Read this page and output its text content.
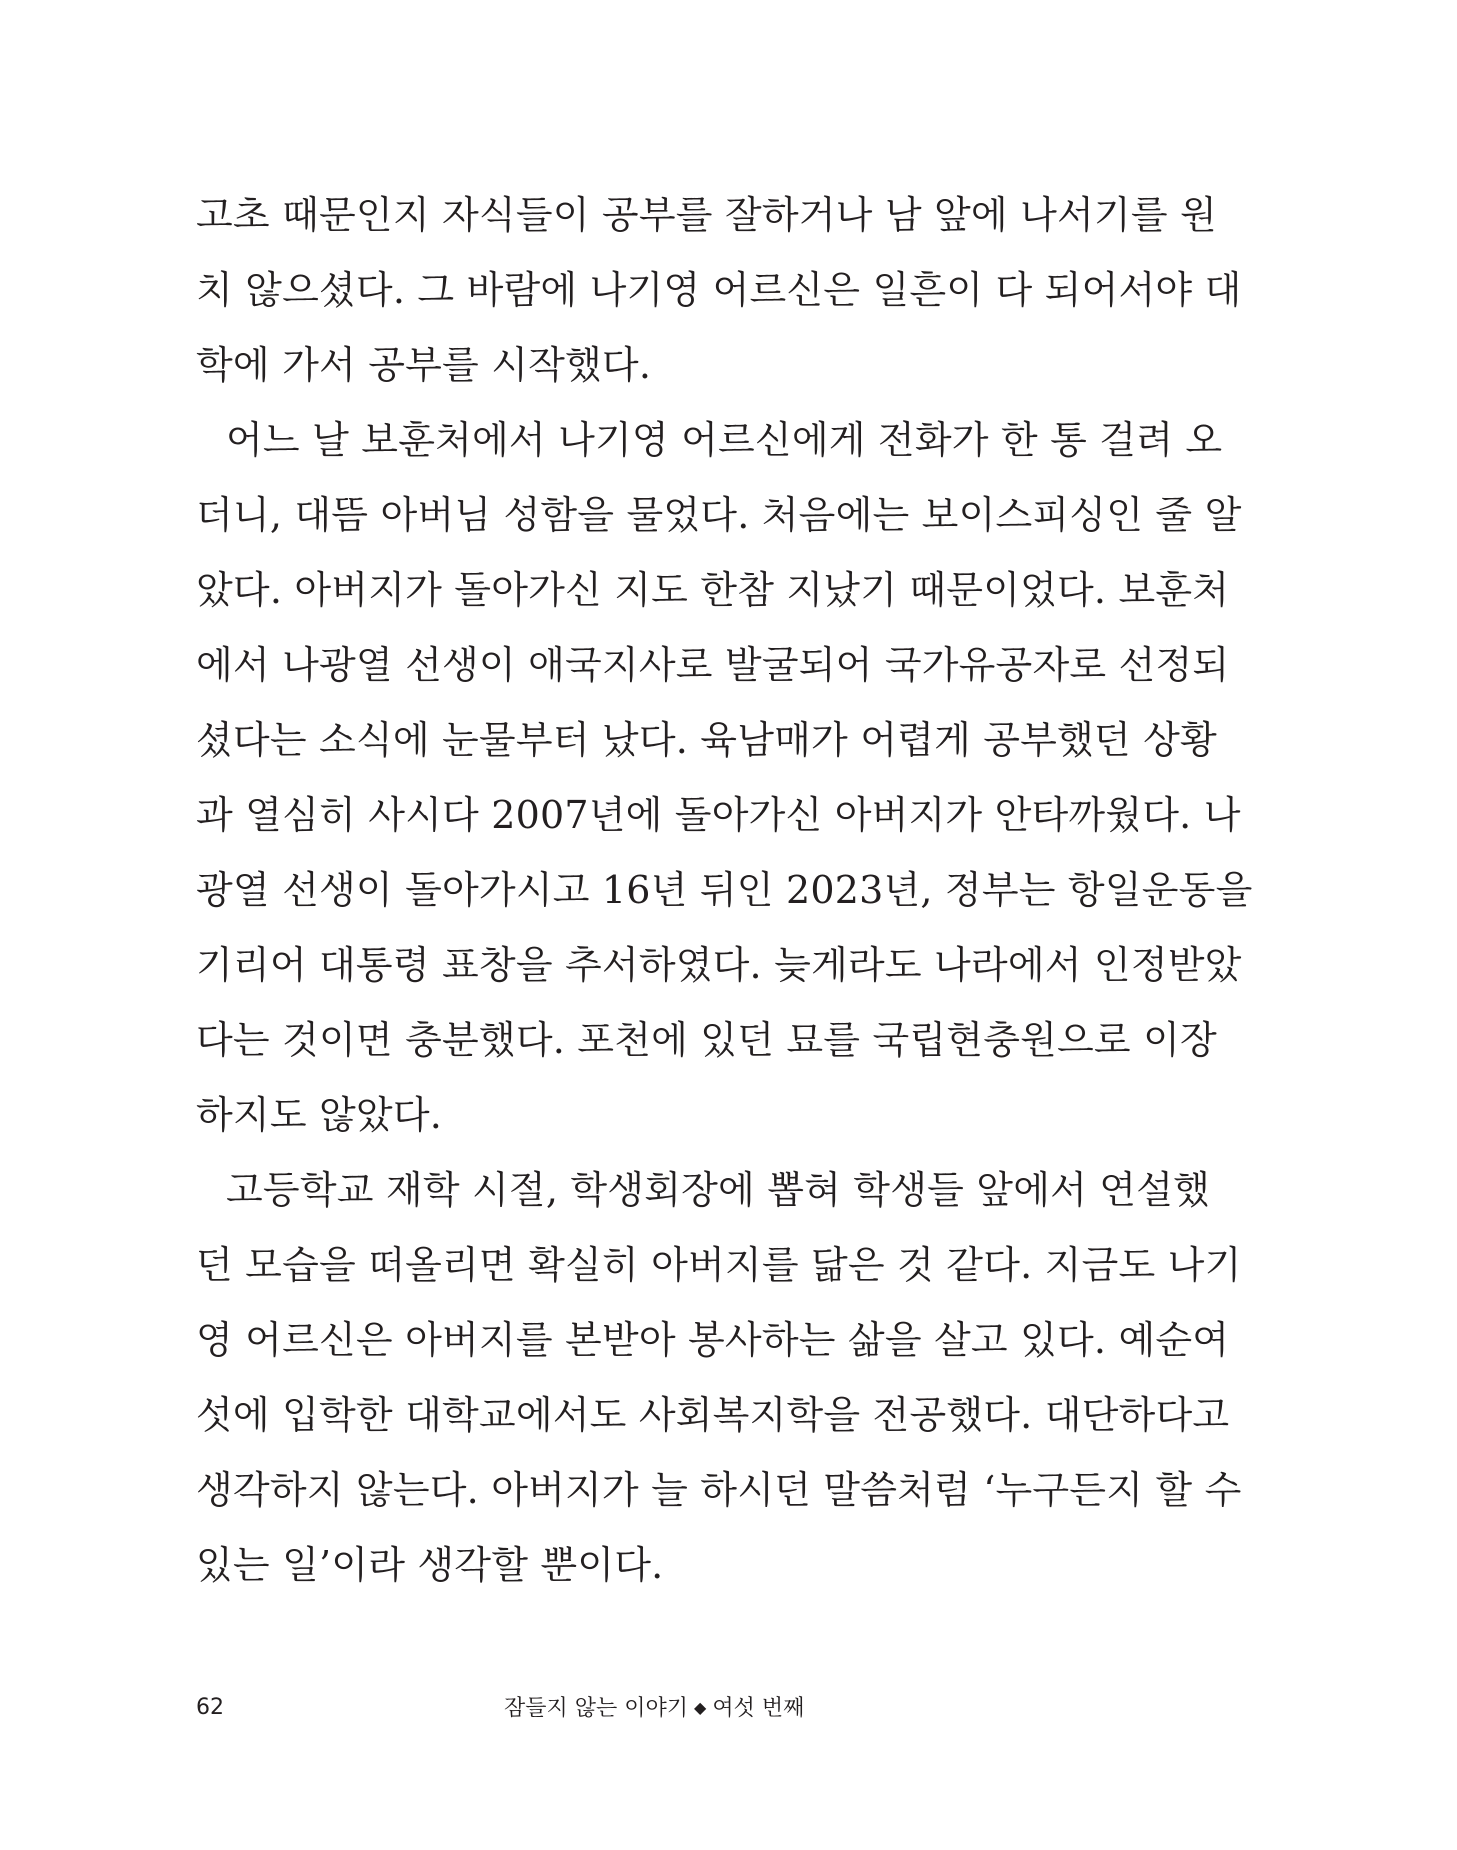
고초 때문인지 자식들이 공부를 잘하거나 남 앞에 나서기를 원
치 않으셨다. 그 바람에 나기영 어르신은 일흔이 다 되어서야 대
학에 가서 공부를 시작했다.
어느 날 보훈처에서 나기영 어르신에게 전화가 한 통 걸려 오
더니, 대뜸 아버님 성함을 물었다. 처음에는 보이스피싱인 줄 알
았다. 아버지가 돌아가신 지도 한참 지났기 때문이었다. 보훈처
에서 나광열 선생이 애국지사로 발굴되어 국가유공자로 선정되
셨다는 소식에 눈물부터 났다. 육남매가 어렵게 공부했던 상황
과 열심히 사시다 2007년에 돌아가신 아버지가 안타까웠다. 나
광열 선생이 돌아가시고 16년 뒤인 2023년, 정부는 항일운동을
기리어 대통령 표창을 추서하였다. 늦게라도 나라에서 인정받았
다는 것이면 충분했다. 포천에 있던 묘를 국립현충원으로 이장
하지도 않았다.
고등학교 재학 시절, 학생회장에 뽑혀 학생들 앞에서 연설했
던 모습을 떠올리면 확실히 아버지를 닮은 것 같다. 지금도 나기
영 어르신은 아버지를 본받아 봉사하는 삶을 살고 있다. 예순여
섯에 입학한 대학교에서도 사회복지학을 전공했다. 대단하다고
생각하지 않는다. 아버지가 늘 하시던 말씀처럼 ‘누구든지 할 수
있는 일’이라 생각할 뿐이다.
62	잠들지 않는 이야기 ◆ 여섯 번째
